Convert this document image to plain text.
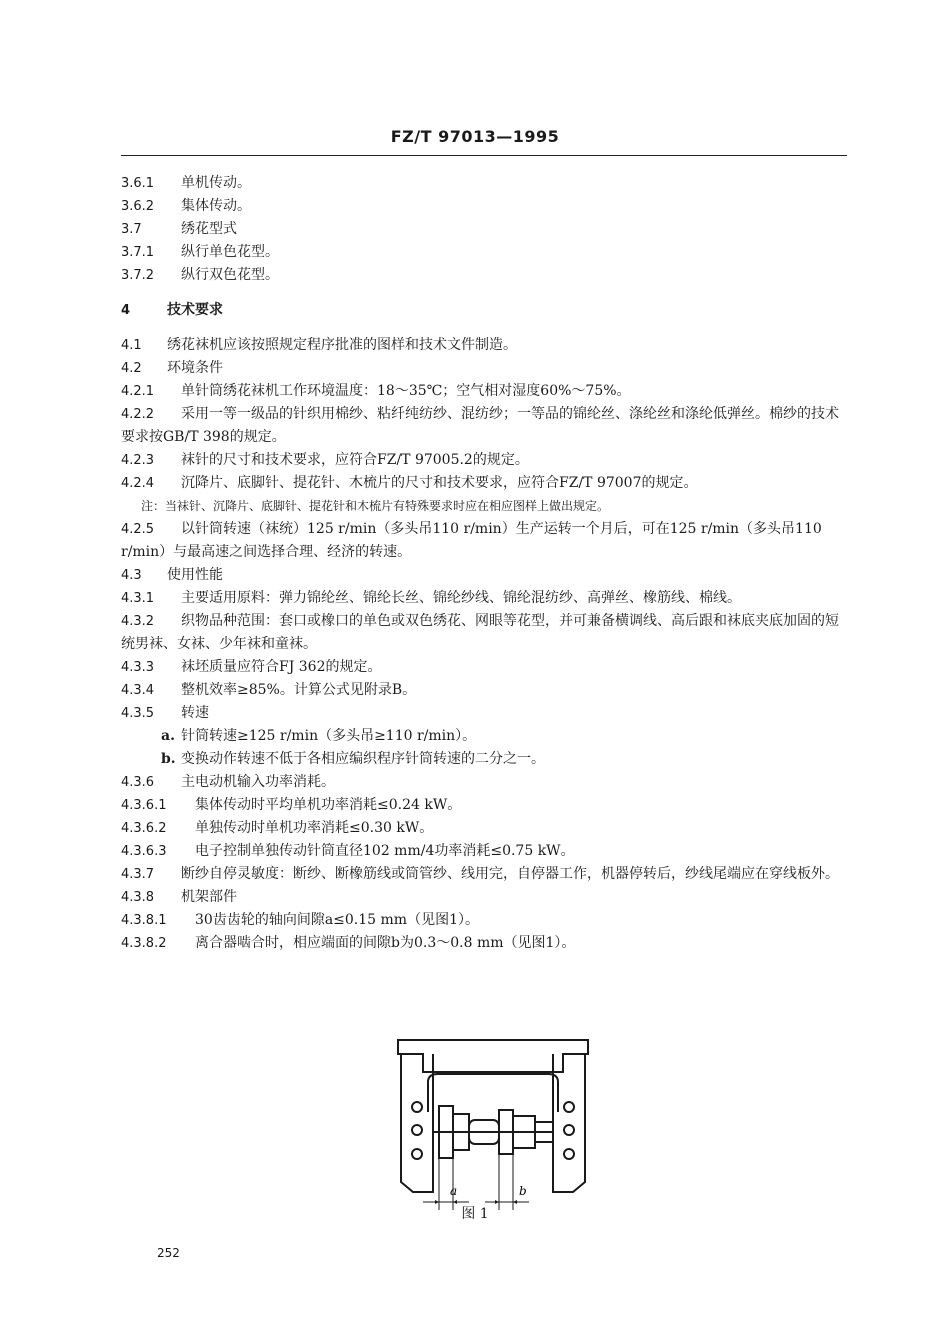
FZ/T 97013—1995
3.6.1 单机传动。
3.6.2 集体传动。
3.7	绣花型式
3.7.1 纵行单色花型。
3.7.2 纵行双色花型。
4	技术要求
4.1 绣花袜机应该按照规定程序批准的图样和技术文件制造。
4.2 环境条件
4.2.1 单针筒绣花袜机工作环境温度：18～35℃；空气相对湿度60%～75%。
4.2.2 采用一等一级品的针织用棉纱、粘纤纯纺纱、混纺纱；一等品的锦纶丝、涤纶丝和涤纶低弹丝。棉纱的技术要求按GB/T 398的规定。
4.2.3 袜针的尺寸和技术要求，应符合FZ/T 97005.2的规定。
4.2.4 沉降片、底脚针、提花针、木梳片的尺寸和技术要求，应符合FZ/T 97007的规定。
注：当袜针、沉降片、底脚针、提花针和木梳片有特殊要求时应在相应图样上做出规定。
4.2.5 以针筒转速（袜统）125 r/min（多头吊110 r/min）生产运转一个月后，可在125 r/min（多头吊110 r/min）与最高速之间选择合理、经济的转速。
4.3 使用性能
4.3.1 主要适用原料：弹力锦纶丝、锦纶长丝、锦纶纱线、锦纶混纺纱、高弹丝、橡筋线、棉线。
4.3.2 织物品种范围：套口或橡口的单色或双色绣花、网眼等花型，并可兼备横调线、高后跟和袜底夹底加固的短统男袜、女袜、少年袜和童袜。
4.3.3 袜坯质量应符合FJ 362的规定。
4.3.4 整机效率≥85%。计算公式见附录B。
4.3.5 转速
a. 针筒转速≥125 r/min（多头吊≥110 r/min）。
b. 变换动作转速不低于各相应编织程序针筒转速的二分之一。
4.3.6 主电动机输入功率消耗。
4.3.6.1 集体传动时平均单机功率消耗≤0.24 kW。
4.3.6.2 单独传动时单机功率消耗≤0.30 kW。
4.3.6.3 电子控制单独传动针筒直径102 mm/4功率消耗≤0.75 kW。
4.3.7 断纱自停灵敏度：断纱、断橡筋线或筒管纱、线用完，自停器工作，机器停转后，纱线尾端应在穿线板外。
4.3.8 机架部件
4.3.8.1 30齿齿轮的轴向间隙a≤0.15 mm（见图1）。
4.3.8.2 离合器啮合时，相应端面的间隙b为0.3～0.8 mm（见图1）。
a	b
图 1
252
